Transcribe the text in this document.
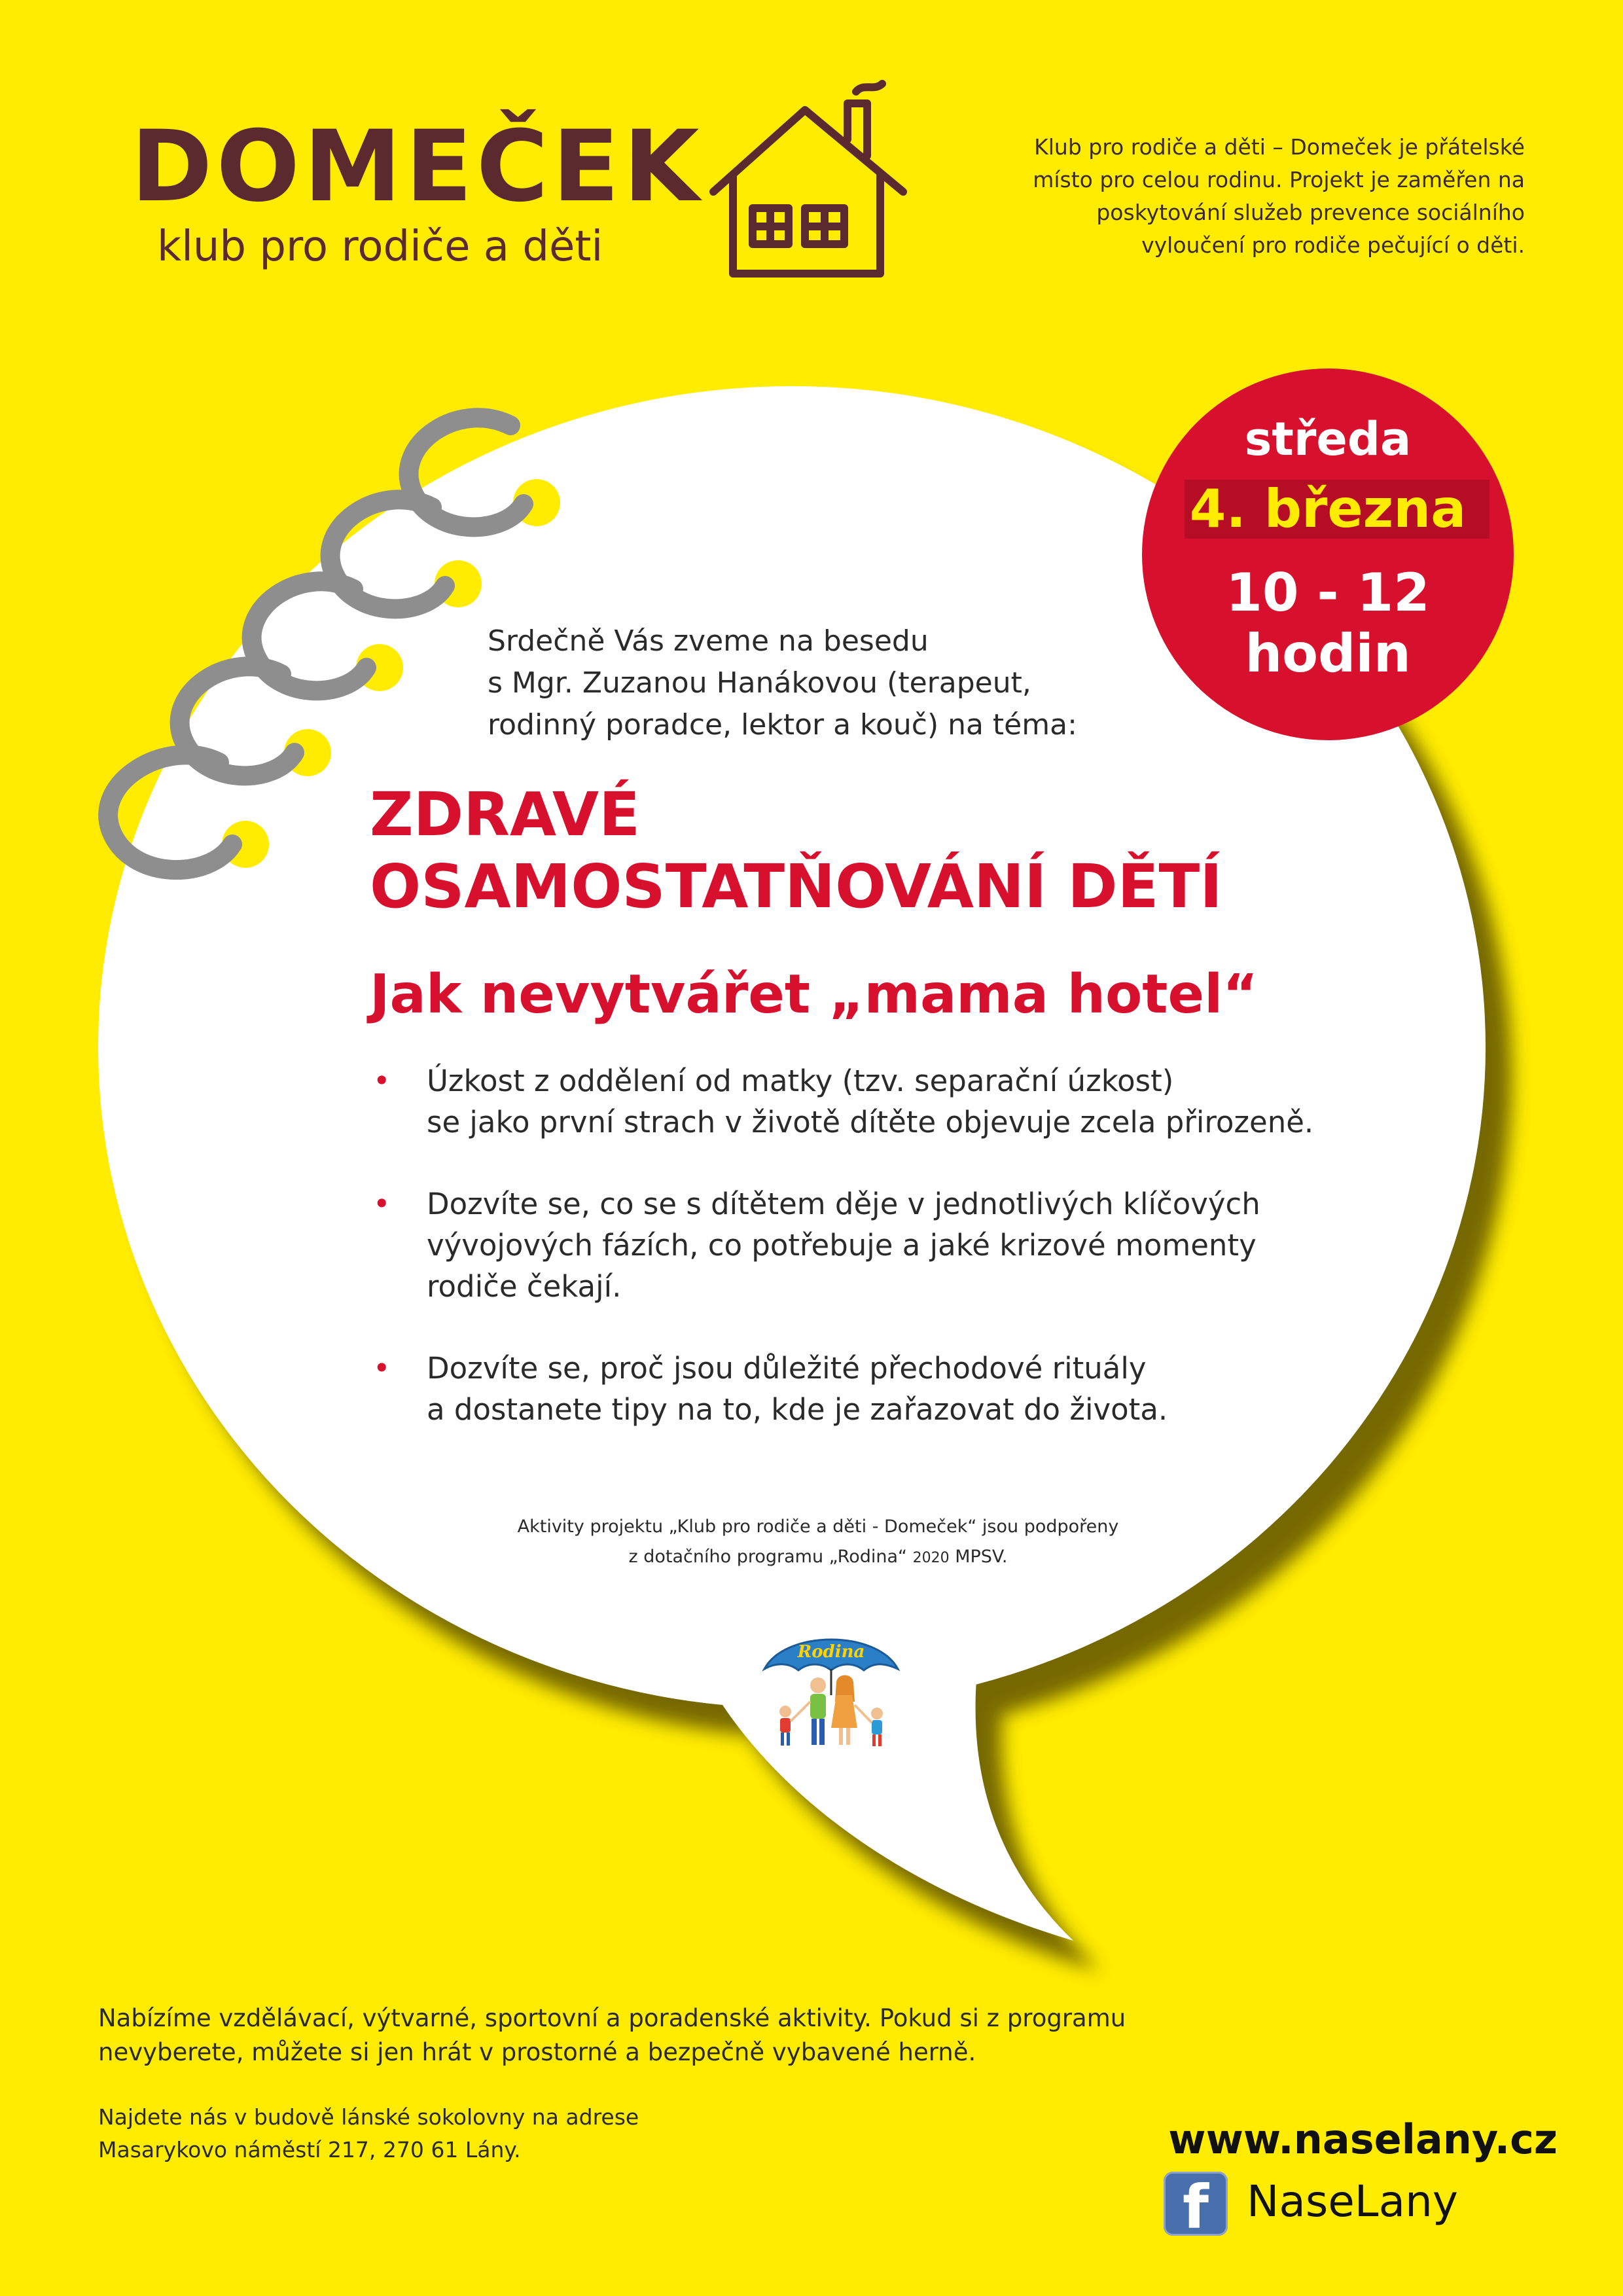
DOMEČEK
klub pro rodiče a děti
Klub pro rodiče a děti – Domeček je přátelské
místo pro celou rodinu. Projekt je zaměřen na
poskytování služeb prevence sociálního
vyloučení pro rodiče pečující o děti.
středa
4. března
10 - 12
hodin
Srdečně Vás zveme na besedu
s Mgr. Zuzanou Hanákovou (terapeut,
rodinný poradce, lektor a kouč) na téma:
ZDRAVÉ
OSAMOSTATŇOVÁNÍ DĚTÍ
Jak nevytvářet „mama hotel“
• Úzkost z oddělení od matky (tzv. separační úzkost)
se jako první strach v životě dítěte objevuje zcela přirozeně.
• Dozvíte se, co se s dítětem děje v jednotlivých klíčových
vývojových fázích, co potřebuje a jaké krizové momenty
rodiče čekají.
• Dozvíte se, proč jsou důležité přechodové rituály
a dostanete tipy na to, kde je zařazovat do života.
Aktivity projektu „Klub pro rodiče a děti - Domeček“ jsou podpořeny
z dotačního programu „Rodina“ 2020 MPSV.
Rodina
Nabízíme vzdělávací, výtvarné, sportovní a poradenské aktivity. Pokud si z programu
nevyberete, můžete si jen hrát v prostorné a bezpečně vybavené herně.
Najdete nás v budově lánské sokolovny na adrese
Masarykovo náměstí 217, 270 61 Lány.	www.naselany.cz
f NaseLany
